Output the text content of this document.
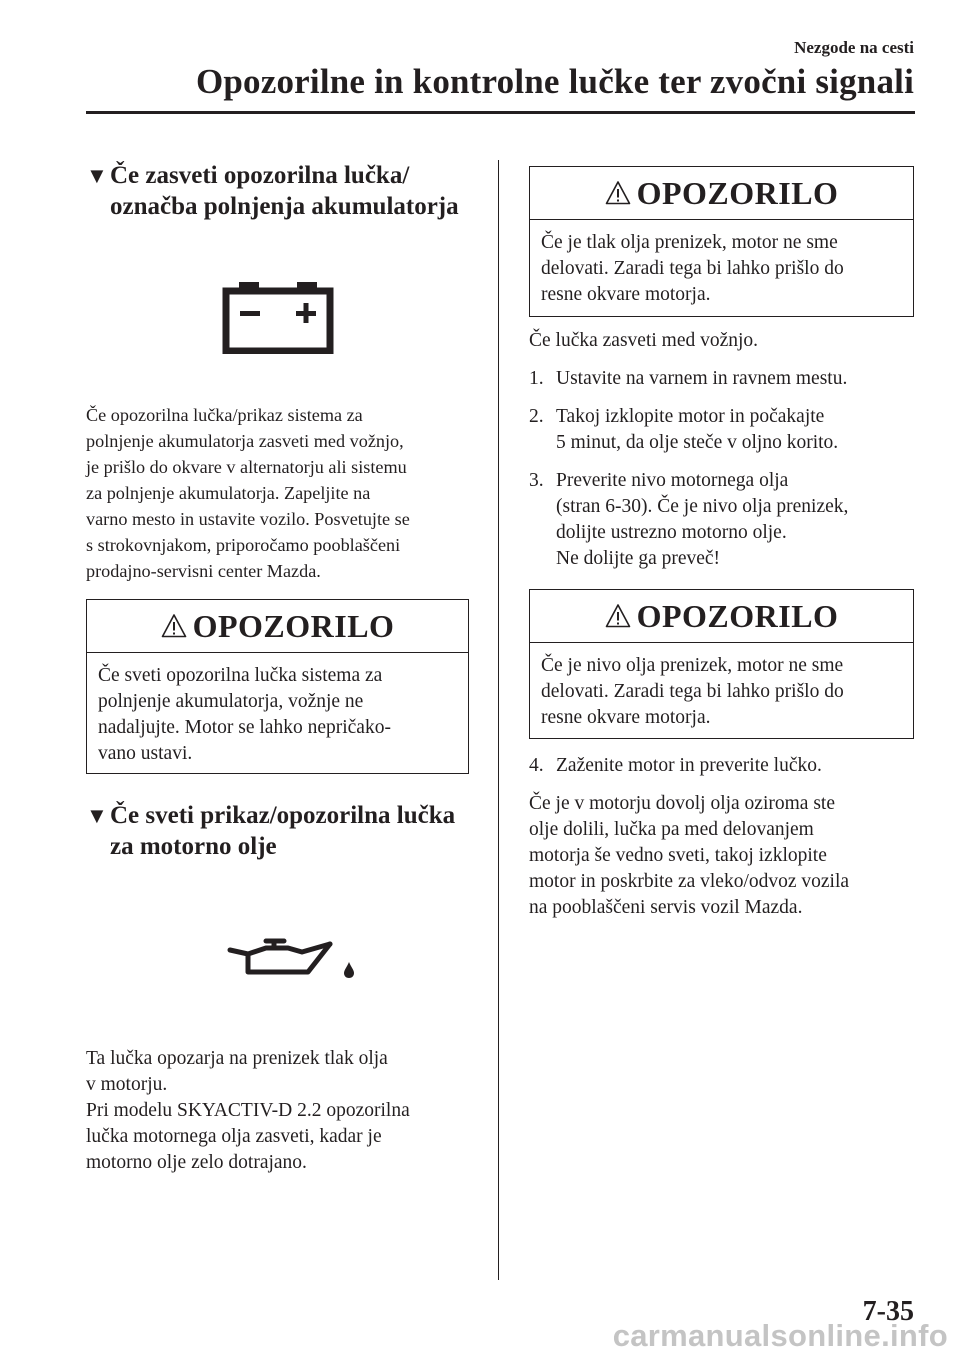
Nezgode na cesti
Opozorilne in kontrolne lučke ter zvočni signali
▼ Če zasveti opozorilna lučka/
označba polnjenja akumulatorja

Če opozorilna lučka/prikaz sistema za

polnjenje akumulatorja zasveti med vožnjo,

je prišlo do okvare v alternatorju ali sistemu

za polnjenje akumulatorja. Zapeljite na

varno mesto in ustavite vozilo. Posvetujte se

s strokovnjakom, priporočamo pooblaščeni

prodajno-servisni center Mazda.

OPOZORILO

Če sveti opozorilna lučka sistema za

polnjenje akumulatorja, vožnje ne

nadaljujte. Motor se lahko nepričako-

vano ustavi.

▼ Če sveti prikaz/opozorilna lučka
za motorno olje

Ta lučka opozarja na prenizek tlak olja

v motorju.

Pri modelu SKYACTIV-D 2.2 opozorilna

lučka motornega olja zasveti, kadar je

motorno olje zelo dotrajano.

OPOZORILO

Če je tlak olja prenizek, motor ne sme

delovati. Zaradi tega bi lahko prišlo do

resne okvare motorja.

Če lučka zasveti med vožnjo.

1. Ustavite na varnem in ravnem mestu.

2. Takoj izklopite motor in počakajte

5 minut, da olje steče v oljno korito.

3. Preverite nivo motornega olja

(stran 6-30). Če je nivo olja prenizek,

dolijte ustrezno motorno olje.

Ne dolijte ga preveč!

OPOZORILO

Če je nivo olja prenizek, motor ne sme

delovati. Zaradi tega bi lahko prišlo do

resne okvare motorja.

4. Zaženite motor in preverite lučko.

Če je v motorju dovolj olja oziroma ste

olje dolili, lučka pa med delovanjem

motorja še vedno sveti, takoj izklopite

motor in poskrbite za vleko/odvoz vozila

na pooblaščeni servis vozil Mazda.

7-35
carmanualsonline.info
